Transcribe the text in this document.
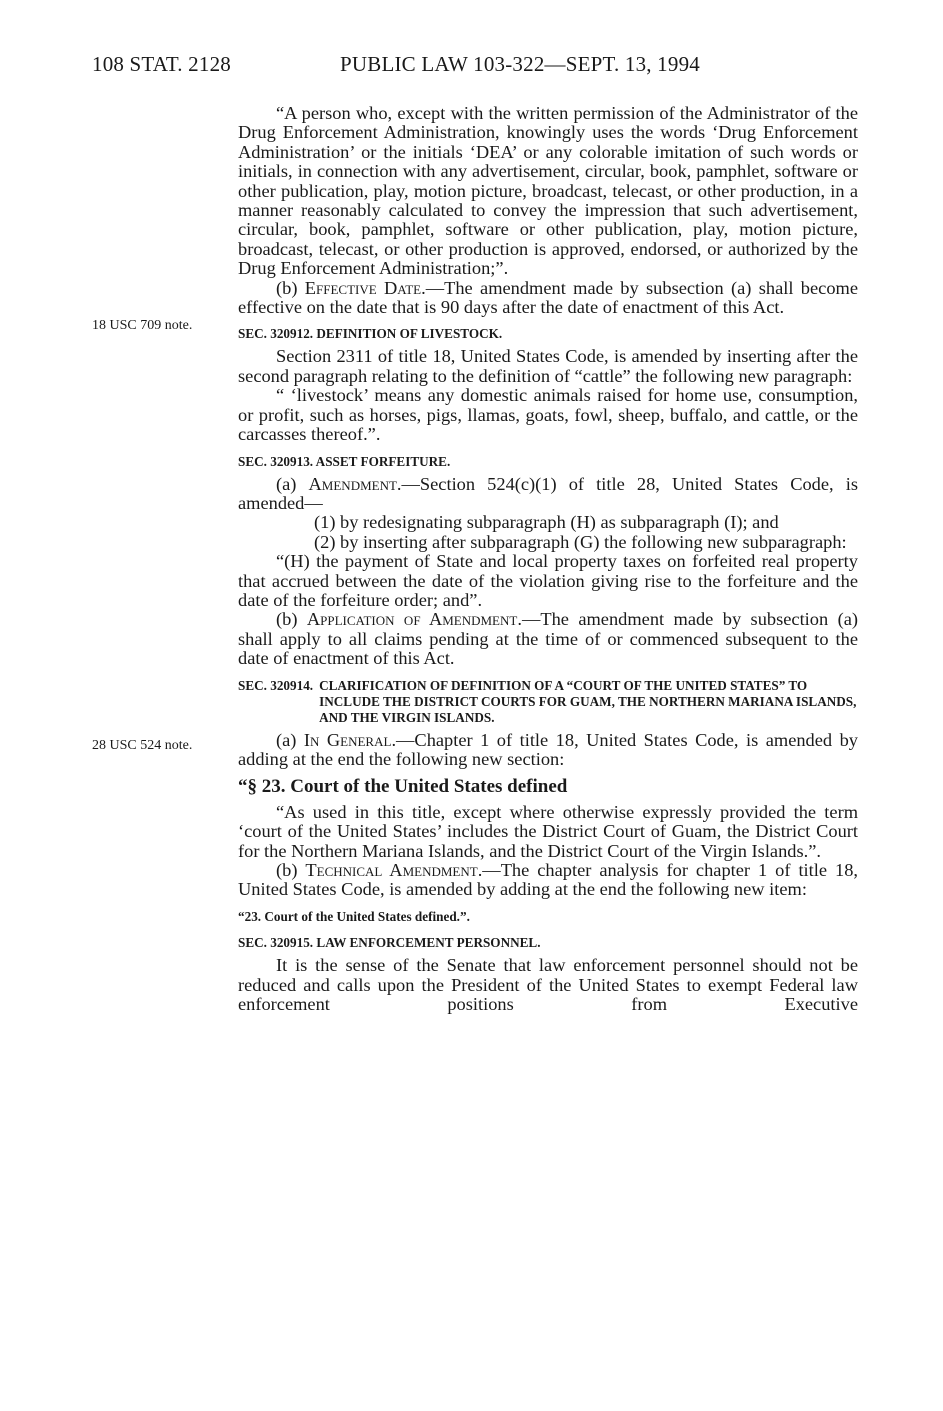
108 STAT. 2128	PUBLIC LAW 103-322—SEPT. 13, 1994
18 USC 709 note.
28 USC 524 note.

“A person who, except with the written permission of the Administrator of the Drug Enforcement Administration, knowingly uses the words ‘Drug Enforcement Administration’ or the initials ‘DEA’ or any colorable imitation of such words or initials, in connection with any advertisement, circular, book, pamphlet, software or other publication, play, motion picture, broadcast, telecast, or other production, in a manner reasonably calculated to convey the impression that such advertisement, circular, book, pamphlet, software or other publication, play, motion picture, broadcast, telecast, or other production is approved, endorsed, or authorized by the Drug Enforcement Administration;”.

(b) Effective Date.—The amendment made by subsection (a) shall become effective on the date that is 90 days after the date of enactment of this Act.

SEC. 320912. DEFINITION OF LIVESTOCK.

Section 2311 of title 18, United States Code, is amended by inserting after the second paragraph relating to the definition of “cattle” the following new paragraph:

“ ‘livestock’ means any domestic animals raised for home use, consumption, or profit, such as horses, pigs, llamas, goats, fowl, sheep, buffalo, and cattle, or the carcasses thereof.”.

SEC. 320913. ASSET FORFEITURE.

(a) Amendment.—Section 524(c)(1) of title 28, United States Code, is amended—

(1) by redesignating subparagraph (H) as subparagraph (I); and

(2) by inserting after subparagraph (G) the following new subparagraph:

“(H) the payment of State and local property taxes on forfeited real property that accrued between the date of the violation giving rise to the forfeiture and the date of the forfeiture order; and”.

(b) Application of Amendment.—The amendment made by subsection (a) shall apply to all claims pending at the time of or commenced subsequent to the date of enactment of this Act.

SEC. 320914. CLARIFICATION OF DEFINITION OF A “COURT OF THE UNITED STATES” TO INCLUDE THE DISTRICT COURTS FOR GUAM, THE NORTHERN MARIANA ISLANDS, AND THE VIRGIN ISLANDS.

(a) In General.—Chapter 1 of title 18, United States Code, is amended by adding at the end the following new section:

“§ 23. Court of the United States defined

“As used in this title, except where otherwise expressly provided the term ‘court of the United States’ includes the District Court of Guam, the District Court for the Northern Mariana Islands, and the District Court of the Virgin Islands.”.

(b) Technical Amendment.—The chapter analysis for chapter 1 of title 18, United States Code, is amended by adding at the end the following new item:

“23. Court of the United States defined.”.
SEC. 320915. LAW ENFORCEMENT PERSONNEL.

It is the sense of the Senate that law enforcement personnel should not be reduced and calls upon the President of the United States to exempt Federal law enforcement positions from Executive
